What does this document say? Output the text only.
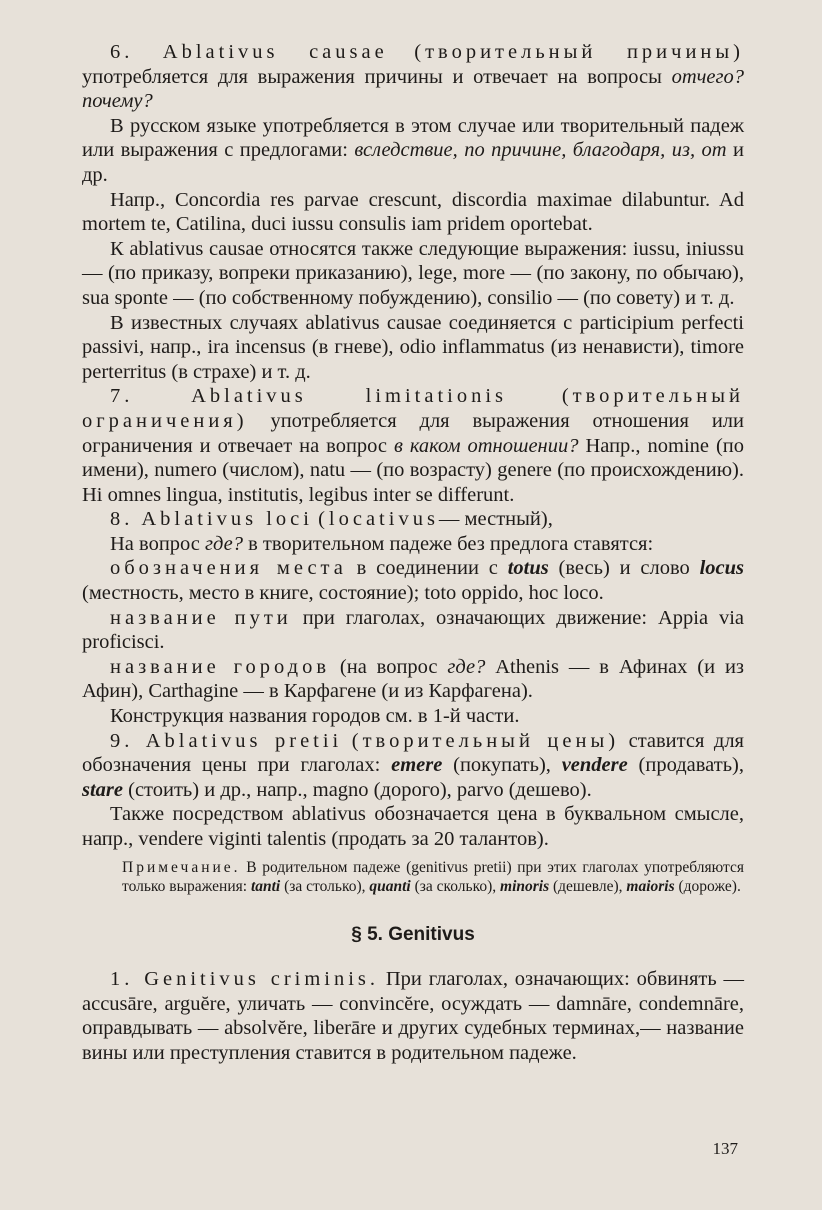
6. Ablativus causae (творительный причины) употребляется для выражения причины и отвечает на вопросы отчего? почему?

В русском языке употребляется в этом случае или творительный падеж или выражения с предлогами: вследствие, по причине, благодаря, из, от и др.

Напр., Concordia res parvae crescunt, discordia maximae dilabuntur. Ad mortem te, Catilina, duci iussu consulis iam pridem oportebat.

К ablativus causae относятся также следующие выражения: iussu, iniussu — (по приказу, вопреки приказанию), lege, more — (по закону, по обычаю), sua sponte — (по собственному побуждению), consilio — (по совету) и т. д.

В известных случаях ablativus causae соединяется с participium perfecti passivi, напр., ira incensus (в гневе), odio inflammatus (из ненависти), timore perterritus (в страхе) и т. д.

7. Ablativus limitationis	(творительный ограничения) употребляется для выражения отношения или ограничения и отвечает на вопрос в каком отношении? Напр., nomine (по имени), numero (числом), natu — (по возрасту) genere (по происхождению). Hi omnes lingua, institutis, legibus inter se differunt.

8. Ablativus loci (locativus— местный),

На вопрос где? в творительном падеже без предлога ставятся:

обозначения места в соединении с totus (весь) и слово locus (местность, место в книге, состояние); toto oppido, hoc loco.

название пути при глаголах, означающих движение: Appia via proficisci.

название городов (на вопрос где? Athenis — в Афинах (и из Афин), Carthagine — в Карфагене (и из Карфагена).

Конструкция названия городов см. в 1-й части.

9. Ablativus pretii (творительный цены) ставится для обозначения цены при глаголах: emere (покупать), vendere (продавать), stare (стоить) и др., напр., magno (дорого), parvo (дешево).

Также посредством ablativus обозначается цена в буквальном смысле, напр., vendere viginti talentis (продать за 20 талантов).

Примечание. В родительном падеже (genitivus pretii) при этих глаголах употребляются только выражения: tanti (за столько), quanti (за сколько), minoris (дешевле), maioris (дороже).

§ 5. Genitivus

1. Genitivus criminis. При глаголах, означающих: обвинять — accusāre, arguĕre, уличать — convincĕre, осуждать — damnāre, condemnāre, оправдывать — absolvĕre, liberāre и других судебных терминах,— название вины или преступления ставится в родительном падеже.

137
